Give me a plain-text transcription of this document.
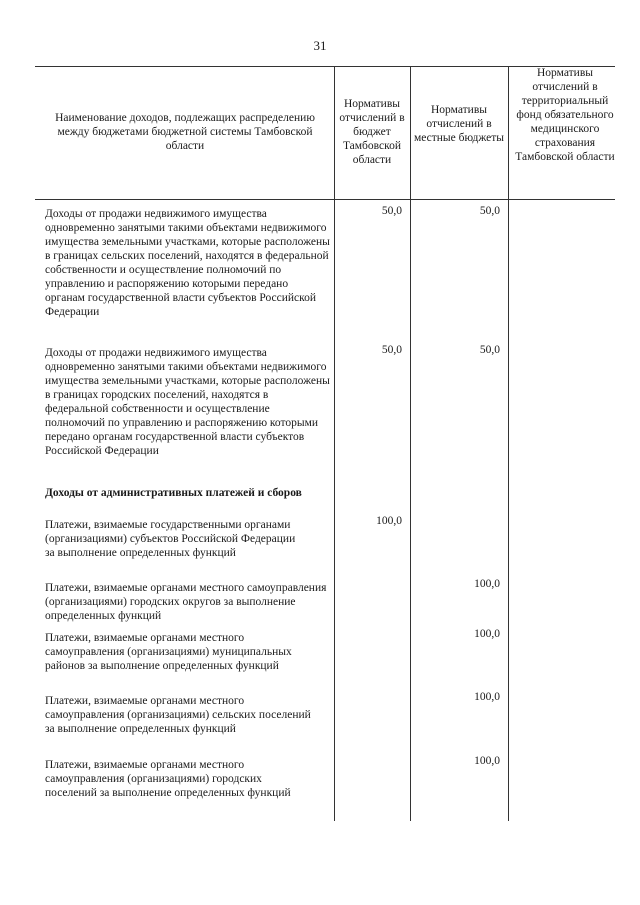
31
Наименование доходов, подлежащих распределению между бюджетами бюджетной системы Тамбовской области
Нормативы отчислений в бюджет Тамбовской области
Нормативы отчислений в местные бюджеты
Нормативы отчислений в территориальный фонд обязательного медицинского страхования Тамбовской области
Доходы от продажи недвижимого имущества одновременно занятыми такими объектами недвижимого имущества земельными участками, которые расположены в границах сельских поселений, находятся в федеральной собственности и осуществление полномочий по управлению и распоряжению которыми передано органам государственной власти субъектов Российской Федерации
50,0	50,0
Доходы от продажи недвижимого имущества одновременно занятыми такими объектами недвижимого имущества земельными участками, которые расположены в границах городских поселений, находятся в федеральной собственности и осуществление полномочий по управлению и распоряжению которыми передано органам государственной власти субъектов Российской Федерации
50,0	50,0
Доходы от административных платежей и сборов
Платежи, взимаемые государственными органами (организациями) субъектов Российской Федерации за выполнение определенных функций
100,0
Платежи, взимаемые органами местного самоуправления (организациями) городских округов за выполнение определенных функций
100,0
Платежи, взимаемые органами местного самоуправления (организациями) муниципальных районов за выполнение определенных функций
100,0
Платежи, взимаемые органами местного самоуправления (организациями) сельских поселений за выполнение определенных функций
100,0
Платежи, взимаемые органами местного самоуправления (организациями) городских поселений за выполнение определенных функций
100,0
